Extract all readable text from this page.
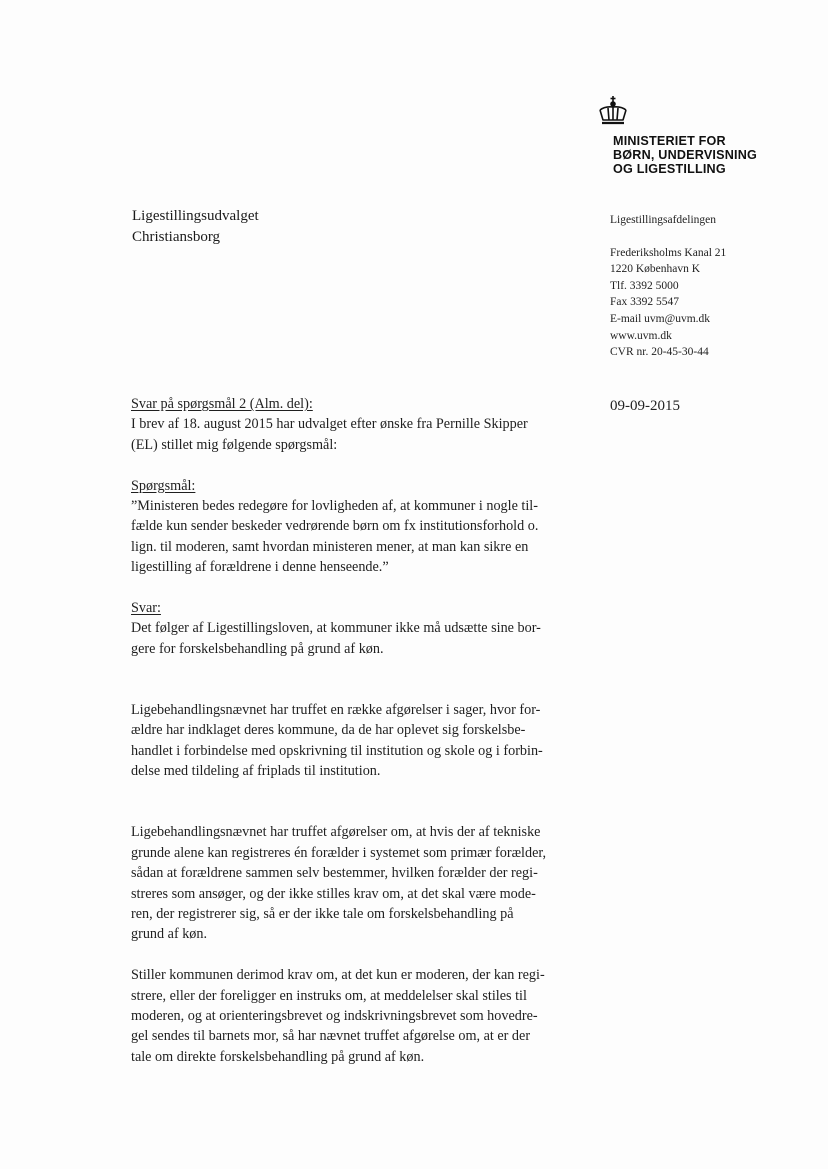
MINISTERIET FOR
BØRN, UNDERVISNING
OG LIGESTILLING
Ligestillingsudvalget
Christiansborg
Ligestillingsafdelingen
Frederiksholms Kanal 21
1220 København K
Tlf. 3392 5000
Fax 3392 5547
E-mail uvm@uvm.dk
www.uvm.dk
CVR nr. 20-45-30-44
09-09-2015
Svar på spørgsmål 2 (Alm. del):
I brev af 18. august 2015 har udvalget efter ønske fra Pernille Skipper
(EL) stillet mig følgende spørgsmål:
Spørgsmål:
”Ministeren bedes redegøre for lovligheden af, at kommuner i nogle til-
fælde kun sender beskeder vedrørende børn om fx institutionsforhold o.
lign. til moderen, samt hvordan ministeren mener, at man kan sikre en
ligestilling af forældrene i denne henseende.”
Svar:
Det følger af Ligestillingsloven, at kommuner ikke må udsætte sine bor-
gere for forskelsbehandling på grund af køn.
Ligebehandlingsnævnet har truffet en række afgørelser i sager, hvor for-
ældre har indklaget deres kommune, da de har oplevet sig forskelsbe-
handlet i forbindelse med opskrivning til institution og skole og i forbin-
delse med tildeling af friplads til institution.
Ligebehandlingsnævnet har truffet afgørelser om, at hvis der af tekniske
grunde alene kan registreres én forælder i systemet som primær forælder,
sådan at forældrene sammen selv bestemmer, hvilken forælder der regi-
streres som ansøger, og der ikke stilles krav om, at det skal være mode-
ren, der registrerer sig, så er der ikke tale om forskelsbehandling på
grund af køn.
Stiller kommunen derimod krav om, at det kun er moderen, der kan regi-
strere, eller der foreligger en instruks om, at meddelelser skal stiles til
moderen, og at orienteringsbrevet og indskrivningsbrevet som hovedre-
gel sendes til barnets mor, så har nævnet truffet afgørelse om, at er der
tale om direkte forskelsbehandling på grund af køn.
